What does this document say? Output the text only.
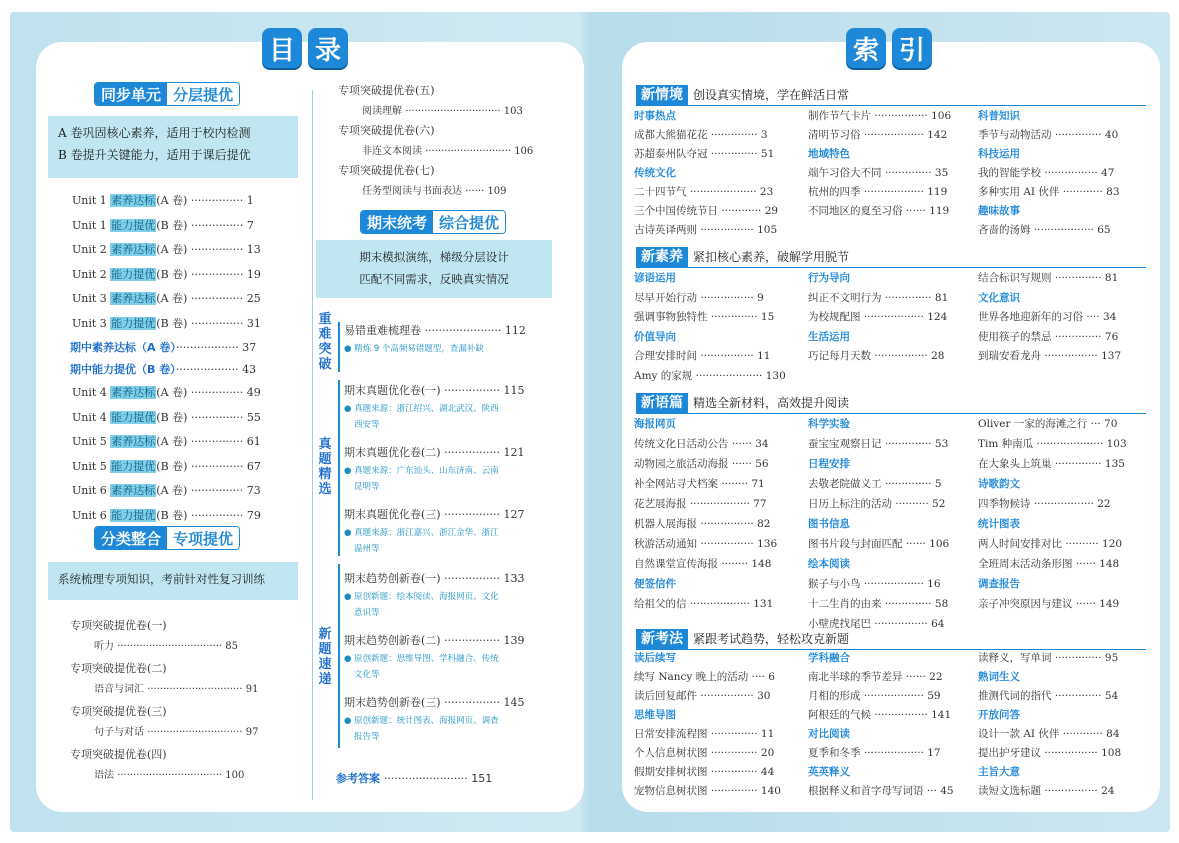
目 录
同步单元 分层提优
A 卷巩固核心素养，适用于校内检测
B 卷提升关键能力，适用于课后提优
分类整合 专项提优
系统梳理专项知识，考前针对性复习训练
期末统考 综合提优
期末模拟演练，梯级分层设计
匹配不同需求，反映真实情况
重难突破
真题精选
新题速递
易错重难梳理卷 ······················ 112
● 精炼 9 个高频易错题型，查漏补缺
参考答案 ························ 151
Unit 1 素养达标(A 卷) ··············· 1
Unit 1 能力提优(B 卷) ··············· 7
Unit 2 素养达标(A 卷) ··············· 13
Unit 2 能力提优(B 卷) ··············· 19
Unit 3 素养达标(A 卷) ··············· 25
Unit 3 能力提优(B 卷) ··············· 31
期中素养达标（A 卷）·················· 37
期中能力提优（B 卷）·················· 43
Unit 4 素养达标(A 卷) ··············· 49
Unit 4 能力提优(B 卷) ··············· 55
Unit 5 素养达标(A 卷) ··············· 61
Unit 5 能力提优(B 卷) ··············· 67
Unit 6 素养达标(A 卷) ··············· 73
Unit 6 能力提优(B 卷) ··············· 79
专项突破提优卷(一)
听力 ································· 85
专项突破提优卷(二)
语音与词汇 ······························ 91
专项突破提优卷(三)
句子与对话 ······························ 97
专项突破提优卷(四)
语法 ································· 100
专项突破提优卷(五)
阅读理解 ······························ 103
专项突破提优卷(六)
非连文本阅读 ··························· 106
专项突破提优卷(七)
任务型阅读与书面表达 ······ 109
期末真题优化卷(一) ················ 115
● 真题来源：浙江绍兴、湖北武汉、陕西
西安等
期末真题优化卷(二) ················ 121
● 真题来源：广东汕头、山东济南、云南
昆明等
期末真题优化卷(三) ················ 127
● 真题来源：浙江嘉兴、浙江金华、浙江
温州等
期末趋势创新卷(一) ················ 133
● 原创新题：绘本阅读、海报网页、文化
意识等
期末趋势创新卷(二) ················ 139
● 原创新题：思维导图、学科融合、传统
文化等
期末趋势创新卷(三) ················ 145
● 原创新题：统计图表、海报网页、调查
报告等
索 引
新情境 创设真实情境，学在鲜活日常
新素养 紧扣核心素养，破解学用脱节
新语篇 精选全新材料，高效提升阅读
新考法 紧跟考试趋势，轻松攻克新题
时事热点
成都大熊猫花花 ·············· 3
苏超泰州队夺冠 ·············· 51
传统文化
二十四节气 ···················· 23
三个中国传统节日 ············ 29
古诗英译两则 ················ 105
制作节气卡片 ················ 106
清明节习俗 ·················· 142
地域特色
端午习俗大不同 ·············· 35
杭州的四季 ·················· 119
不同地区的夏至习俗 ······ 119
科普知识
季节与动物活动 ·············· 40
科技运用
我的智能学校 ················ 47
多种实用 AI 伙伴 ············ 83
趣味故事
吝啬的汤姆 ·················· 65
谚语运用
尽早开始行动 ················ 9
强调事物独特性 ·············· 15
价值导向
合理安排时间 ················ 11
Amy 的家规 ···················· 130
行为导向
纠正不文明行为 ·············· 81
为校规配图 ·················· 124
生活运用
巧记每月天数 ················ 28
结合标识写规则 ·············· 81
文化意识
世界各地迎新年的习俗 ···· 34
使用筷子的禁忌 ·············· 76
到瑞安看龙舟 ················ 137
海报网页
传统文化日活动公告 ······ 34
动物园之旅活动海报 ······ 56
补全网站寻犬档案 ········ 71
花艺展海报 ·················· 77
机器人展海报 ················ 82
秋游活动通知 ················ 136
自然课堂宣传海报 ········ 148
便签信件
给祖父的信 ·················· 131
科学实验
蚕宝宝观察日记 ·············· 53
日程安排
去敬老院做义工 ·············· 5
日历上标注的活动 ·········· 52
图书信息
图书片段与封面匹配 ······ 106
绘本阅读
猴子与小鸟 ·················· 16
十二生肖的由来 ·············· 58
小壁虎找尾巴 ················ 64
Oliver 一家的海滩之行 ··· 70
Tim 种南瓜 ···················· 103
在大象头上筑巢 ·············· 135
诗歌韵文
四季物候诗 ·················· 22
统计图表
两人时间安排对比 ·········· 120
全班周末活动条形图 ······ 148
调查报告
亲子冲突原因与建议 ······ 149
读后续写
续写 Nancy 晚上的活动 ···· 6
读后回复邮件 ················ 30
思维导图
日常安排流程图 ·············· 11
个人信息树状图 ·············· 20
假期安排树状图 ·············· 44
宠物信息树状图 ·············· 140
学科融合
南北半球的季节差异 ······ 22
月相的形成 ·················· 59
阿根廷的气候 ················ 141
对比阅读
夏季和冬季 ·················· 17
英英释义
根据释义和首字母写词语 ··· 45
读释义，写单词 ·············· 95
熟词生义
推测代词的指代 ·············· 54
开放问答
设计一款 AI 伙伴 ············ 84
提出护牙建议 ················ 108
主旨大意
读短文选标题 ················ 24
